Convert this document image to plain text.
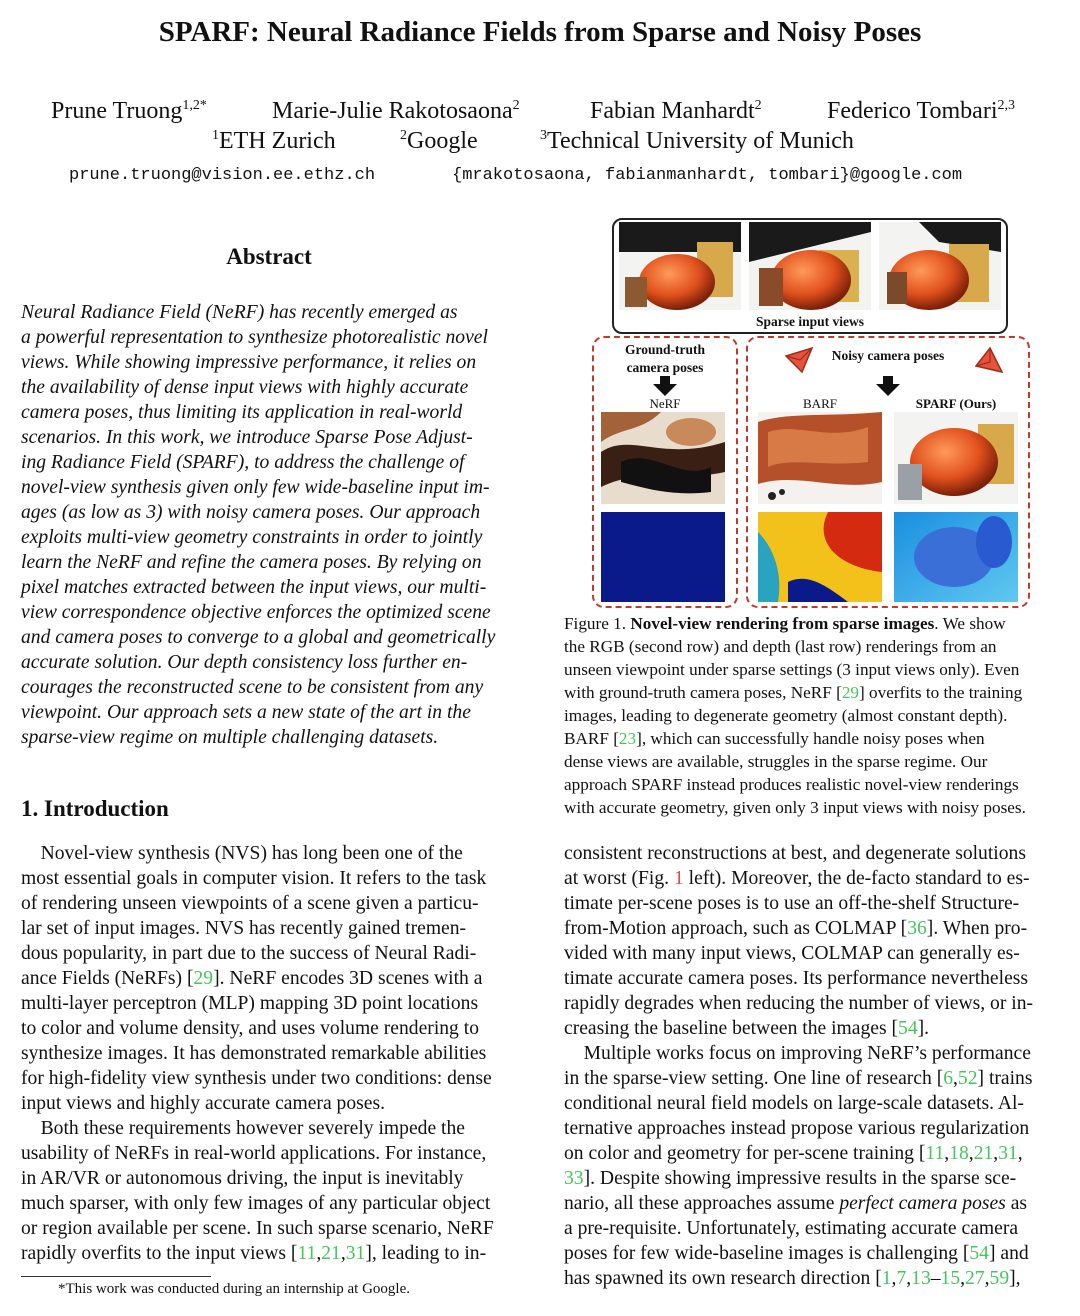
SPARF: Neural Radiance Fields from Sparse and Noisy Poses
Prune Truong$^{1,2*}$	Marie-Julie Rakotosaona$^2$	Fabian Manhardt$^2$	Federico Tombari$^{2,3}$
$^1$ETH Zurich	$^2$Google	$^3$Technical University of Munich
prune.truong@vision.ee.ethz.ch	{mrakotosaona, fabianmanhardt, tombari}@google.com
Abstract
Neural Radiance Field (NeRF) has recently emerged as
a powerful representation to synthesize photorealistic novel
views. While showing impressive performance, it relies on
the availability of dense input views with highly accurate
camera poses, thus limiting its application in real-world
scenarios. In this work, we introduce Sparse Pose Adjust-
ing Radiance Field (SPARF), to address the challenge of
novel-view synthesis given only few wide-baseline input im-
ages (as low as 3) with noisy camera poses. Our approach
exploits multi-view geometry constraints in order to jointly
learn the NeRF and refine the camera poses. By relying on
pixel matches extracted between the input views, our multi-
view correspondence objective enforces the optimized scene
and camera poses to converge to a global and geometrically
accurate solution. Our depth consistency loss further en-
courages the reconstructed scene to be consistent from any
viewpoint. Our approach sets a new state of the art in the
sparse-view regime on multiple challenging datasets.
1. Introduction
Novel-view synthesis (NVS) has long been one of the
most essential goals in computer vision. It refers to the task
of rendering unseen viewpoints of a scene given a particu-
lar set of input images. NVS has recently gained tremen-
dous popularity, in part due to the success of Neural Radi-
ance Fields (NeRFs) [29]. NeRF encodes 3D scenes with a
multi-layer perceptron (MLP) mapping 3D point locations
to color and volume density, and uses volume rendering to
synthesize images. It has demonstrated remarkable abilities
for high-fidelity view synthesis under two conditions: dense
input views and highly accurate camera poses.
Both these requirements however severely impede the
usability of NeRFs in real-world applications. For instance,
in AR/VR or autonomous driving, the input is inevitably
much sparser, with only few images of any particular object
or region available per scene. In such sparse scenario, NeRF
rapidly overfits to the input views [11,21,31], leading to in-
*This work was conducted during an internship at Google.
Sparse input views
Ground-truth
camera poses
NeRF
Noisy camera poses
BARF	SPARF (Ours)
Figure 1. Novel-view rendering from sparse images. We show
the RGB (second row) and depth (last row) renderings from an
unseen viewpoint under sparse settings (3 input views only). Even
with ground-truth camera poses, NeRF [29] overfits to the training
images, leading to degenerate geometry (almost constant depth).
BARF [23], which can successfully handle noisy poses when
dense views are available, struggles in the sparse regime. Our
approach SPARF instead produces realistic novel-view renderings
with accurate geometry, given only 3 input views with noisy poses.
consistent reconstructions at best, and degenerate solutions
at worst (Fig. 1 left). Moreover, the de-facto standard to es-
timate per-scene poses is to use an off-the-shelf Structure-
from-Motion approach, such as COLMAP [36]. When pro-
vided with many input views, COLMAP can generally es-
timate accurate camera poses. Its performance nevertheless
rapidly degrades when reducing the number of views, or in-
creasing the baseline between the images [54].
Multiple works focus on improving NeRF’s performance
in the sparse-view setting. One line of research [6,52] trains
conditional neural field models on large-scale datasets. Al-
ternative approaches instead propose various regularization
on color and geometry for per-scene training [11,18,21,31,
33]. Despite showing impressive results in the sparse sce-
nario, all these approaches assume perfect camera poses as
a pre-requisite. Unfortunately, estimating accurate camera
poses for few wide-baseline images is challenging [54] and
has spawned its own research direction [1,7,13–15,27,59],
